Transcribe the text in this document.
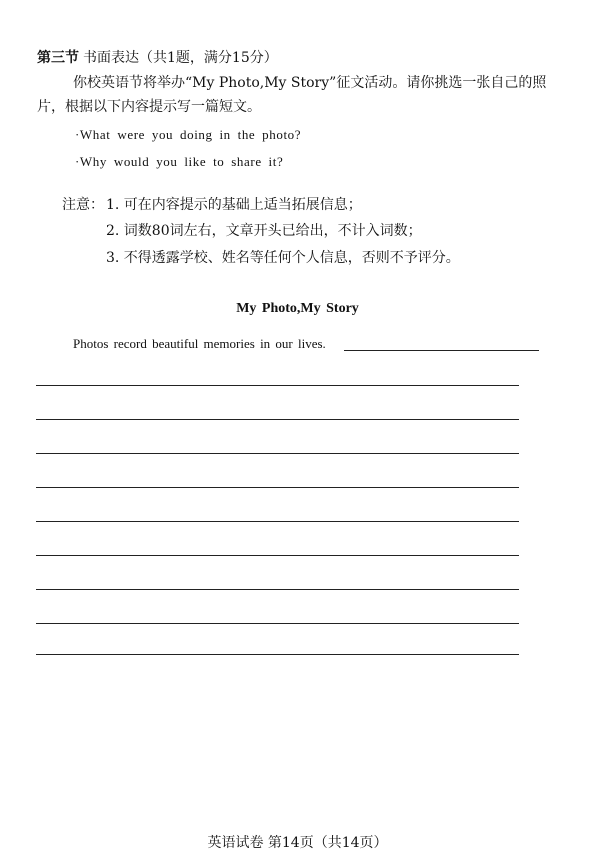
第三节 书面表达（共1题，满分15分）
你校英语节将举办“My Photo,My Story”征文活动。请你挑选一张自己的照
片，根据以下内容提示写一篇短文。
·What were you doing in the photo?
·Why would you like to share it?
注意： 1. 可在内容提示的基础上适当拓展信息；
2. 词数80词左右，文章开头已给出，不计入词数；
3. 不得透露学校、姓名等任何个人信息，否则不予评分。
My Photo,My Story
Photos record beautiful memories in our lives.
英语试卷 第14页（共14页）
